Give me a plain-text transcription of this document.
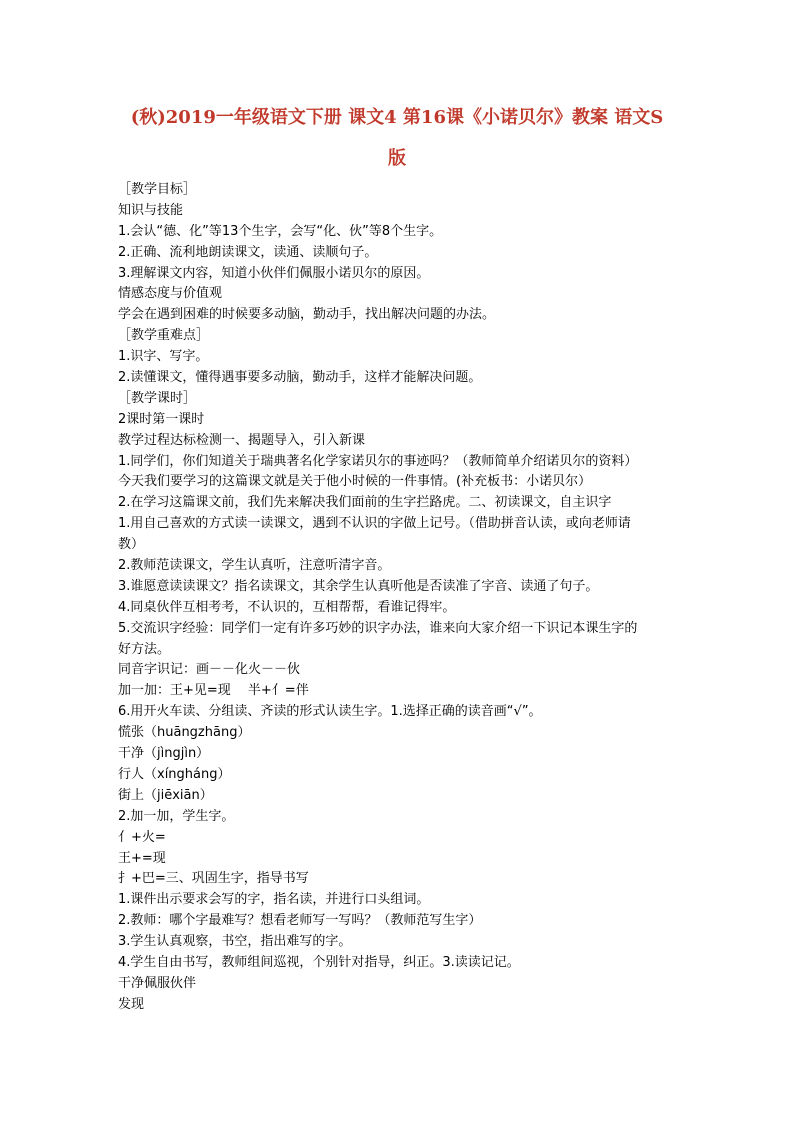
(秋)2019一年级语文下册 课文4 第16课《小诺贝尔》教案 语文S
版
［教学目标］
知识与技能
1.会认“德、化”等13个生字，会写“化、伙”等8个生字。
2.正确、流利地朗读课文，读通、读顺句子。
3.理解课文内容，知道小伙伴们佩服小诺贝尔的原因。
情感态度与价值观
学会在遇到困难的时候要多动脑，勤动手，找出解决问题的办法。
［教学重难点］
1.识字、写字。
2.读懂课文，懂得遇事要多动脑，勤动手，这样才能解决问题。
［教学课时］
2课时第一课时
教学过程达标检测一、揭题导入，引入新课
1.同学们，你们知道关于瑞典著名化学家诺贝尔的事迹吗？（教师简单介绍诺贝尔的资料）
今天我们要学习的这篇课文就是关于他小时候的一件事情。(补充板书：小诺贝尔）
2.在学习这篇课文前，我们先来解决我们面前的生字拦路虎。二、初读课文，自主识字
1.用自己喜欢的方式读一读课文，遇到不认识的字做上记号。（借助拼音认读，或向老师请
教）
2.教师范读课文，学生认真听，注意听清字音。
3.谁愿意读读课文？指名读课文，其余学生认真听他是否读准了字音、读通了句子。
4.同桌伙伴互相考考，不认识的，互相帮帮，看谁记得牢。
5.交流识字经验：同学们一定有许多巧妙的识字办法，谁来向大家介绍一下识记本课生字的
好方法。
同音字识记：画－－化火－－伙
加一加：王+见=现　 半+亻=伴
6.用开火车读、分组读、齐读的形式认读生字。1.选择正确的读音画“√”。
慌张（huāngzhāng）
干净（jìngjìn）
行人（xíngháng）
街上（jiēxiān）
2.加一加，学生字。
亻+火=
王+=现
扌+巴=三、巩固生字，指导书写
1.课件出示要求会写的字，指名读，并进行口头组词。
2.教师：哪个字最难写？想看老师写一写吗？（教师范写生字）
3.学生认真观察，书空，指出难写的字。
4.学生自由书写，教师组间巡视，个别针对指导，纠正。3.读读记记。
干净佩服伙伴
发现
